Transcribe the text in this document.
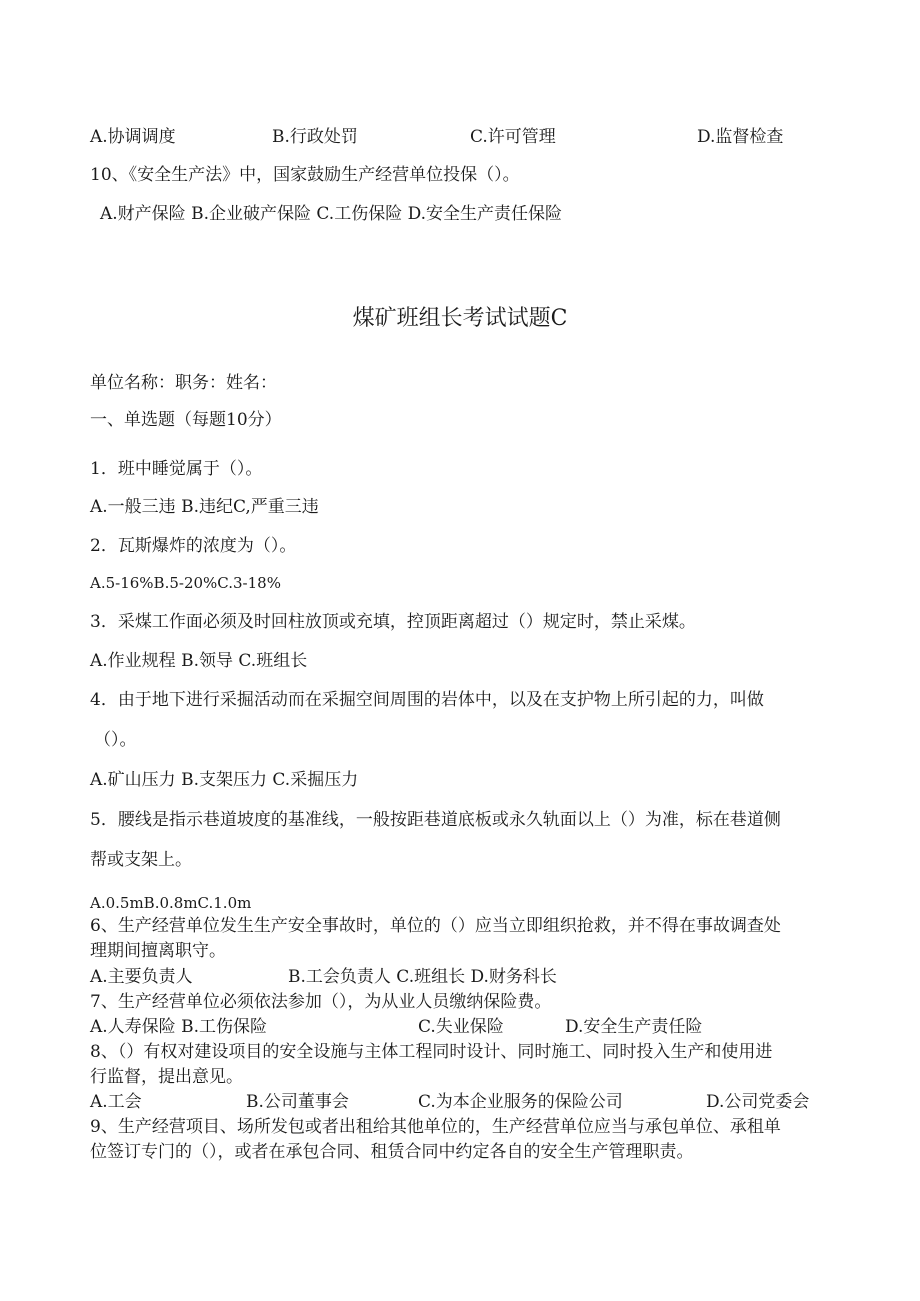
A.协调调度	B.行政处罚	C.许可管理	D.监督检查
10、《安全生产法》中，国家鼓励生产经营单位投保（）。
A.财产保险 B.企业破产保险 C.工伤保险 D.安全生产责任保险
煤矿班组长考试试题C
单位名称：职务：姓名：
一、单选题（每题10分）
1．班中睡觉属于（）。
A.一般三违 B.违纪C,严重三违
2．瓦斯爆炸的浓度为（）。
A.5-16%B.5-20%C.3-18%
3．采煤工作面必须及时回柱放顶或充填，控顶距离超过（）规定时，禁止采煤。
A.作业规程 B.领导 C.班组长
4．由于地下进行采掘活动而在采掘空间周围的岩体中，以及在支护物上所引起的力，叫做
（）。
A.矿山压力 B.支架压力 C.采掘压力
5．腰线是指示巷道坡度的基准线，一般按距巷道底板或永久轨面以上（）为准，标在巷道侧
帮或支架上。
A.0.5mB.0.8mC.1.0m
6、生产经营单位发生生产安全事故时，单位的（）应当立即组织抢救，并不得在事故调查处
理期间擅离职守。
A.主要负责人	B.工会负责人 C.班组长 D.财务科长
7、生产经营单位必须依法参加（），为从业人员缴纳保险费。
A.人寿保险 B.工伤保险	C.失业保险	D.安全生产责任险
8、（）有权对建设项目的安全设施与主体工程同时设计、同时施工、同时投入生产和使用进
行监督，提出意见。
A.工会	B.公司董事会	C.为本企业服务的保险公司	D.公司党委会
9、生产经营项目、场所发包或者出租给其他单位的，生产经营单位应当与承包单位、承租单
位签订专门的（），或者在承包合同、租赁合同中约定各自的安全生产管理职责。
